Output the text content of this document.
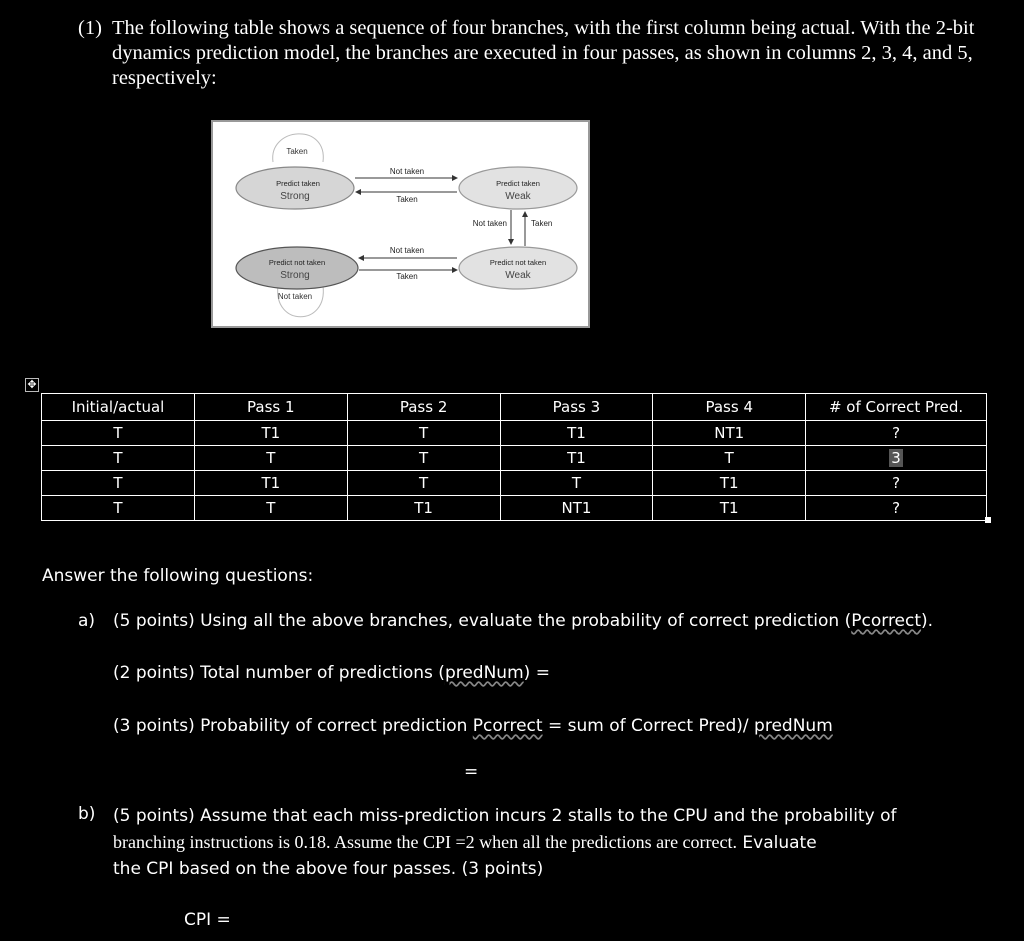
(1) The following table shows a sequence of four branches, with the first column being actual. With the 2-bit dynamics prediction model, the branches are executed in four passes, as shown in columns 2, 3, 4, and 5, respectively:
Taken
Not taken
Predict taken
Strong
Predict taken
Weak
Predict not taken
Strong
Predict not taken
Weak
Not taken
Taken
Not taken	Taken
Not taken
Taken
✥
Initial/actual	Pass 1	Pass 2	Pass 3	Pass 4	# of Correct Pred.
T	T1	T	T1	NT1	?
T	T	T	T1	T	3
T	T1	T	T	T1	?
T	T	T1	NT1	T1	?
Answer the following questions:
a) (5 points) Using all the above branches, evaluate the probability of correct prediction (Pcorrect).
(2 points) Total number of predictions (predNum) =
(3 points) Probability of correct prediction Pcorrect = sum of Correct Pred)/ predNum
=
b) (5 points) Assume that each miss-prediction incurs 2 stalls to the CPU and the probability of
branching instructions is 0.18. Assume the CPI =2 when all the predictions are correct. Evaluate
the CPI based on the above four passes. (3 points)
CPI =
